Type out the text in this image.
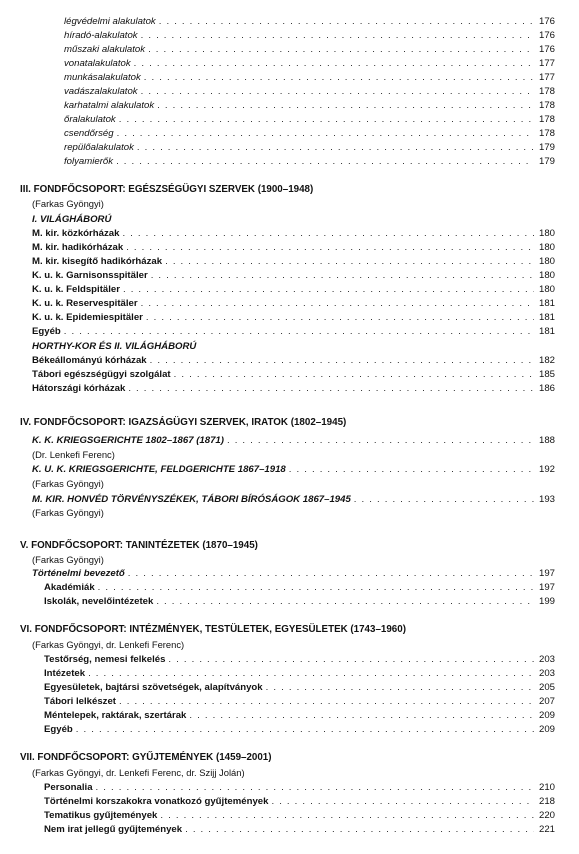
légvédelmi alakulatok . . .	176
híradó-alakulatok . . .	176
műszaki alakulatok . . .	176
vonatalakulatok . . .	177
munkásalakulatok . . .	177
vadászalakulatok . . .	178
karhatalmi alakulatok . . .	178
őralakulatok . . .	178
csendőrség . . .	178
repülőalakulatok . . .	179
folyamierők . . .	179
III. FONDFŐCSOPORT: EGÉSZSÉGÜGYI SZERVEK (1900–1948)
(Farkas Gyöngyi)
I. VILÁGHÁBORÚ
M. kir. közkórházak . . .	180
M. kir. hadikórházak . . .	180
M. kir. kisegítő hadikórházak . . .	180
K. u. k. Garnisonsspitäler . . .	180
K. u. k. Feldspitäler . . .	180
K. u. k. Reservespitäler . . .	181
K. u. k. Epidemiespitäler . . .	181
Egyéb . . .	181
HORTHY-KOR ÉS II. VILÁGHÁBORÚ
Békeállományú kórházak . . .	182
Tábori egészségügyi szolgálat . . .	185
Hátországi kórházak . . .	186
IV. FONDFŐCSOPORT: IGAZSÁGÜGYI SZERVEK, IRATOK (1802–1945)
K. K. KRIEGSGERICHTE 1802–1867 (1871) . . .	188
(Dr. Lenkefi Ferenc)
K. U. K. KRIEGSGERICHTE, FELDGERICHTE 1867–1918 . . .	192
(Farkas Gyöngyi)
M. KIR. HONVÉD TÖRVÉNYSZÉKEK, TÁBORI BÍRÓSÁGOK 1867–1945 . . .	193
(Farkas Gyöngyi)
V. FONDFŐCSOPORT: TANINTÉZETEK (1870–1945)
(Farkas Gyöngyi)
Történelmi bevezető . . .	197
Akadémiák . . .	197
Iskolák, nevelőintézetek . . .	199
VI. FONDFŐCSOPORT: INTÉZMÉNYEK, TESTÜLETEK, EGYESÜLETEK (1743–1960)
(Farkas Gyöngyi, dr. Lenkefi Ferenc)
Testőrség, nemesi felkelés . . .	203
Intézetek . . .	203
Egyesületek, bajtársi szövetségek, alapítványok . . .	205
Tábori lelkészet . . .	207
Méntelepek, raktárak, szertárak . . .	209
Egyéb . . .	209
VII. FONDFŐCSOPORT: GYŰJTEMÉNYEK (1459–2001)
(Farkas Gyöngyi, dr. Lenkefi Ferenc, dr. Szijj Jolán)
Personalia . . .	210
Történelmi korszakokra vonatkozó gyűjtemények . . .	218
Tematikus gyűjtemények . . .	220
Nem irat jellegű gyűjtemények . . .	221
